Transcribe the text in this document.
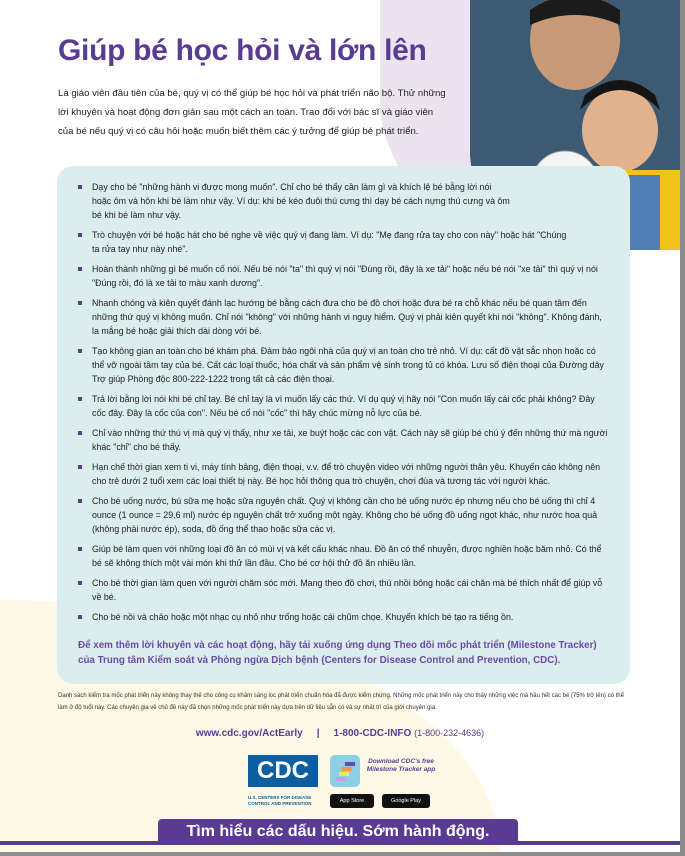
Giúp bé học hỏi và lớn lên

Là giáo viên đầu tiên của bé, quý vị có thể giúp bé học hỏi và phát triển não bộ. Thử những lời khuyên và hoạt động đơn giản sau một cách an toàn. Trao đổi với bác sĩ và giáo viên của bé nếu quý vị có câu hỏi hoặc muốn biết thêm các ý tưởng để giúp bé phát triển.

Dạy cho bé "những hành vi được mong muốn". Chỉ cho bé thấy cần làm gì và khích lệ bé bằng lời nói hoặc ôm và hôn khi bé làm như vậy. Ví dụ: khi bé kéo đuôi thú cưng thì dạy bé cách nựng thú cưng và ôm bé khi bé làm như vậy.
Trò chuyện với bé hoặc hát cho bé nghe về việc quý vị đang làm. Ví dụ: "Mẹ đang rửa tay cho con này" hoặc hát "Chúng ta rửa tay như này nhé".
Hoàn thành những gì bé muốn cố nói. Nếu bé nói "ta" thì quý vị nói "Đúng rồi, đây là xe tải" hoặc nếu bé nói "xe tải" thì quý vị nói "Đúng rồi, đó là xe tải to màu xanh dương".
Nhanh chóng và kiên quyết đánh lạc hướng bé bằng cách đưa cho bé đồ chơi hoặc đưa bé ra chỗ khác nếu bé quan tâm đến những thứ quý vị không muốn. Chỉ nói "không" với những hành vi nguy hiểm. Quý vị phải kiên quyết khi nói "không". Không đánh, la mắng bé hoặc giải thích dài dòng với bé.
Tạo không gian an toàn cho bé khám phá. Đảm bảo ngôi nhà của quý vị an toàn cho trẻ nhỏ. Ví dụ: cất đồ vật sắc nhọn hoặc có thể vỡ ngoài tầm tay của bé. Cất các loại thuốc, hóa chất và sản phẩm vệ sinh trong tủ có khóa. Lưu số điện thoại của Đường dây Trợ giúp Phòng độc 800-222-1222 trong tất cả các điện thoại.
Trả lời bằng lời nói khi bé chỉ tay. Bé chỉ tay là vì muốn lấy các thứ. Ví dụ quý vị hãy nói "Con muốn lấy cái cốc phải không? Đây cốc đây. Đây là cốc của con". Nếu bé cố nói "cốc" thì hãy chúc mừng nỗ lực của bé.
Chỉ vào những thứ thú vị mà quý vị thấy, như xe tải, xe buýt hoặc các con vật. Cách này sẽ giúp bé chú ý đến những thứ mà người khác "chỉ" cho bé thấy.
Hạn chế thời gian xem ti vi, máy tính bảng, điện thoại, v.v. để trò chuyện video với những người thân yêu. Khuyến cáo không nên cho trẻ dưới 2 tuổi xem các loại thiết bị này. Bé học hỏi thông qua trò chuyện, chơi đùa và tương tác với người khác.
Cho bé uống nước, bú sữa mẹ hoặc sữa nguyên chất. Quý vị không cần cho bé uống nước ép nhưng nếu cho bé uống thì chỉ 4 ounce (1 ounce = 29,6 ml) nước ép nguyên chất trở xuống một ngày. Không cho bé uống đồ uống ngọt khác, như nước hoa quả (không phải nước ép), soda, đồ ống thể thao hoặc sữa các vị.
Giúp bé làm quen với những loại đồ ăn có mùi vị và kết cấu khác nhau. Đồ ăn có thể nhuyễn, được nghiền hoặc băm nhỏ. Có thể bé sẽ không thích một vài món khi thử lần đầu. Cho bé cơ hội thử đồ ăn nhiều lần.
Cho bé thời gian làm quen với người chăm sóc mới. Mang theo đồ chơi, thú nhồi bông hoặc cái chăn mà bé thích nhất để giúp vỗ về bé.
Cho bé nồi và chảo hoặc một nhạc cụ nhỏ như trống hoặc cái chũm chọe. Khuyến khích bé tạo ra tiếng ồn.

Để xem thêm lời khuyên và các hoạt động, hãy tải xuống ứng dụng Theo dõi mốc phát triển (Milestone Tracker) của Trung tâm Kiểm soát và Phòng ngừa Dịch bệnh (Centers for Disease Control and Prevention, CDC).

Danh sách kiểm tra mốc phát triển này không thay thế cho công cụ khám sàng lọc phát triển chuẩn hóa đã được kiểm chứng. Những mốc phát triển này cho thấy những việc mà hầu hết các bé (75% trở lên) có thể làm ở độ tuổi này. Các chuyên gia về chủ đề này đã chọn những mốc phát triển này dựa trên dữ liệu sẵn có và sự nhất trí của giới chuyên gia.

www.cdc.gov/ActEarly | 1-800-CDC-INFO (1-800-232-4636)
CDC
U.S. CENTERS FOR DISEASE CONTROL AND PREVENTION
Download CDC's free Milestone Tracker app
App Store	Google Play
Tìm hiểu các dấu hiệu. Sớm hành động.
